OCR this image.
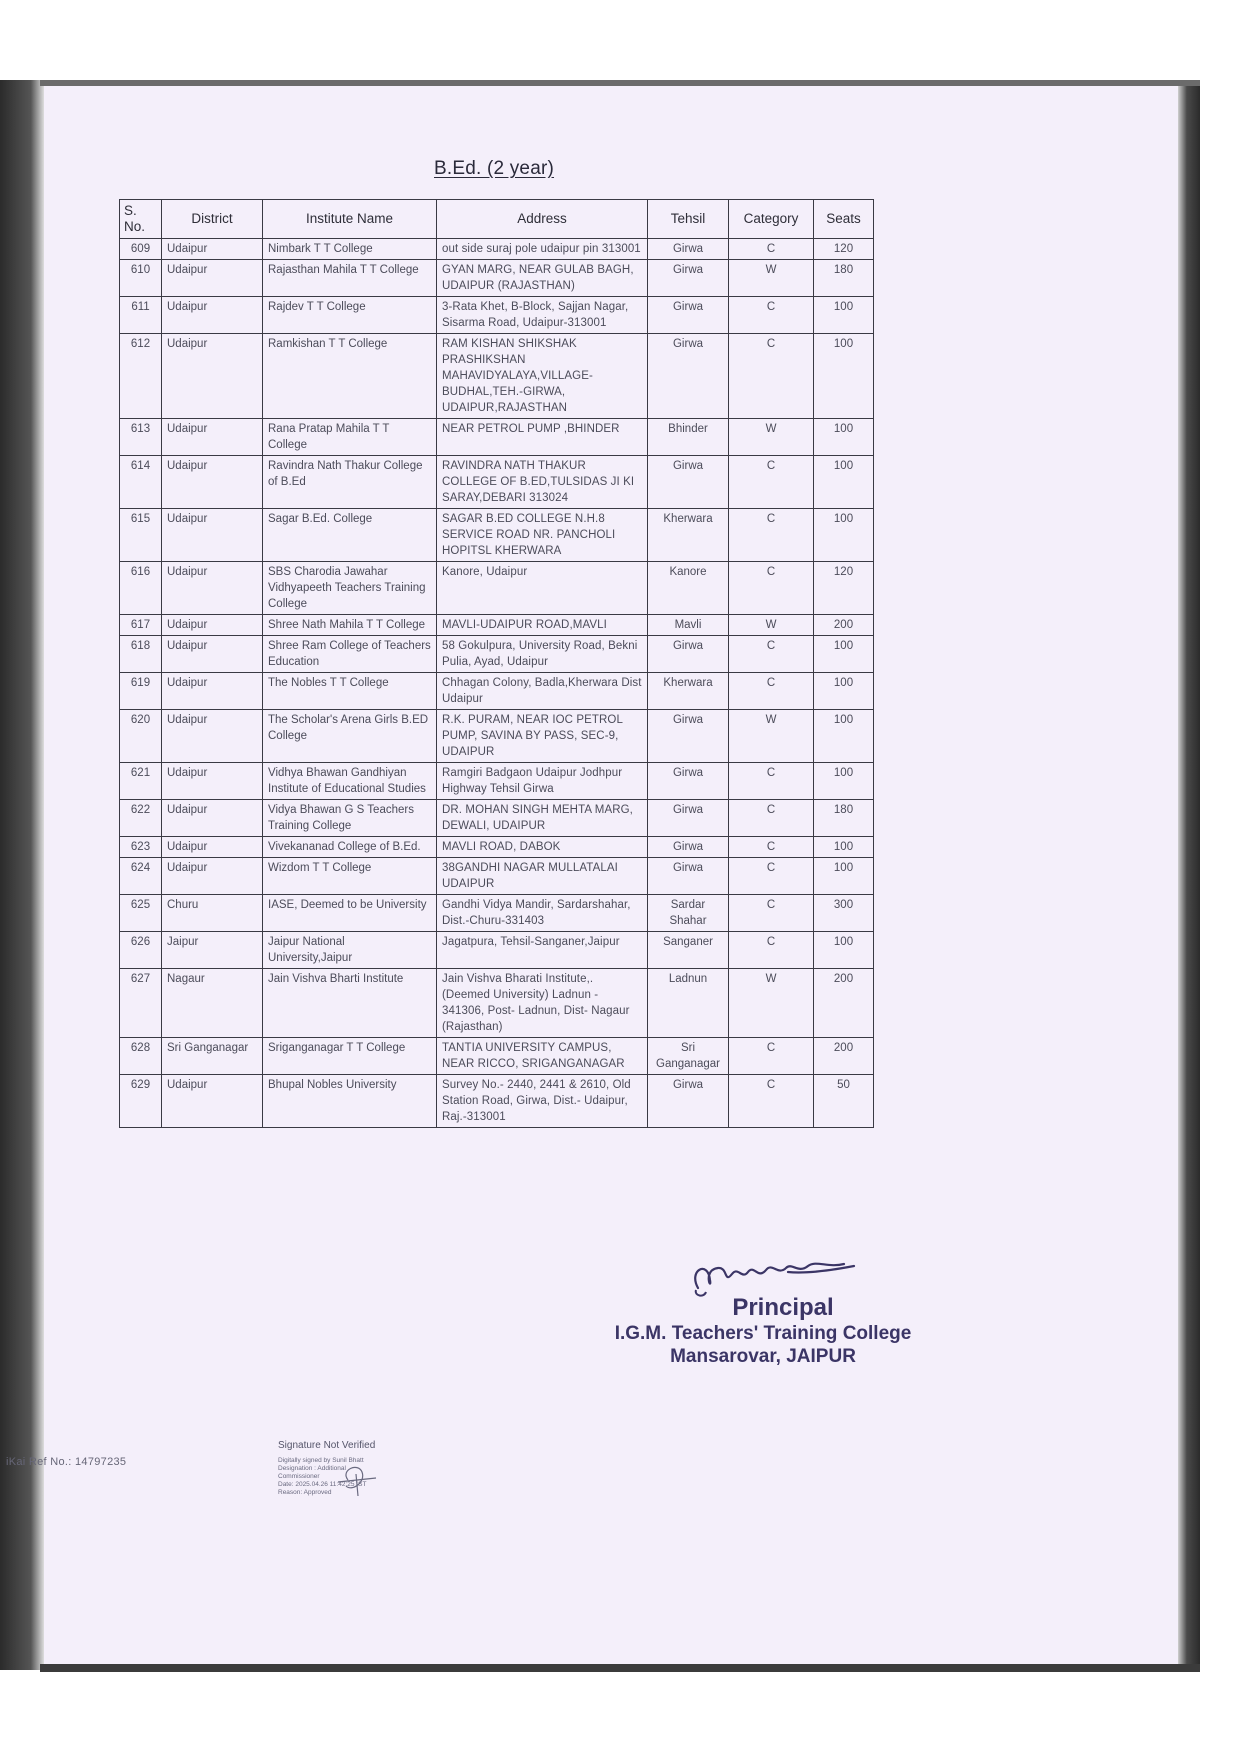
B.Ed. (2 year)
S. No.	District	Institute Name	Address	Tehsil	Category	Seats
609	Udaipur	Nimbark T T College	out side suraj pole udaipur pin 313001	Girwa	C	120
610	Udaipur	Rajasthan Mahila T T College	GYAN MARG, NEAR GULAB BAGH, UDAIPUR (RAJASTHAN)	Girwa	W	180
611	Udaipur	Rajdev T T College	3-Rata Khet, B-Block, Sajjan Nagar, Sisarma Road, Udaipur-313001	Girwa	C	100
612	Udaipur	Ramkishan T T College	RAM KISHAN SHIKSHAK PRASHIKSHAN MAHAVIDYALAYA,VILLAGE-BUDHAL,TEH.-GIRWA, UDAIPUR,RAJASTHAN	Girwa	C	100
613	Udaipur	Rana Pratap Mahila T T College	NEAR PETROL PUMP ,BHINDER	Bhinder	W	100
614	Udaipur	Ravindra Nath Thakur College of B.Ed	RAVINDRA NATH THAKUR COLLEGE OF B.ED,TULSIDAS JI KI SARAY,DEBARI 313024	Girwa	C	100
615	Udaipur	Sagar B.Ed. College	SAGAR B.ED COLLEGE N.H.8 SERVICE ROAD NR. PANCHOLI HOPITSL KHERWARA	Kherwara	C	100
616	Udaipur	SBS Charodia Jawahar Vidhyapeeth Teachers Training College	Kanore, Udaipur	Kanore	C	120
617	Udaipur	Shree Nath Mahila T T College	MAVLI-UDAIPUR ROAD,MAVLI	Mavli	W	200
618	Udaipur	Shree Ram College of Teachers Education	58 Gokulpura, University Road, Bekni Pulia, Ayad, Udaipur	Girwa	C	100
619	Udaipur	The Nobles T T College	Chhagan Colony, Badla,Kherwara Dist Udaipur	Kherwara	C	100
620	Udaipur	The Scholar's Arena Girls B.ED College	R.K. PURAM, NEAR IOC PETROL PUMP, SAVINA BY PASS, SEC-9, UDAIPUR	Girwa	W	100
621	Udaipur	Vidhya Bhawan Gandhiyan Institute of Educational Studies	Ramgiri Badgaon Udaipur Jodhpur Highway Tehsil Girwa	Girwa	C	100
622	Udaipur	Vidya Bhawan G S Teachers Training College	DR. MOHAN SINGH MEHTA MARG, DEWALI, UDAIPUR	Girwa	C	180
623	Udaipur	Vivekananad College of B.Ed.	MAVLI ROAD, DABOK	Girwa	C	100
624	Udaipur	Wizdom T T College	38GANDHI NAGAR MULLATALAI UDAIPUR	Girwa	C	100
625	Churu	IASE, Deemed to be University	Gandhi Vidya Mandir, Sardarshahar, Dist.-Churu-331403	Sardar Shahar	C	300
626	Jaipur	Jaipur National University,Jaipur	Jagatpura, Tehsil-Sanganer,Jaipur	Sanganer	C	100
627	Nagaur	Jain Vishva Bharti Institute	Jain Vishva Bharati Institute,. (Deemed University) Ladnun - 341306, Post- Ladnun, Dist- Nagaur (Rajasthan)	Ladnun	W	200
628	Sri Ganganagar	Sriganganagar T T College	TANTIA UNIVERSITY CAMPUS, NEAR RICCO, SRIGANGANAGAR	Sri Ganganagar	C	200
629	Udaipur	Bhupal Nobles University	Survey No.- 2440, 2441 & 2610, Old Station Road, Girwa, Dist.- Udaipur, Raj.-313001	Girwa	C	50
Signature Not Verified
Digitally signed by Sunil Bhatt
Designation : Additional
Commissioner
Date: 2025.04.26 11:42:25 IST
Reason: Approved
Principal
I.G.M. Teachers' Training College
Mansarovar, JAIPUR
iKai Ref No.: 14797235
